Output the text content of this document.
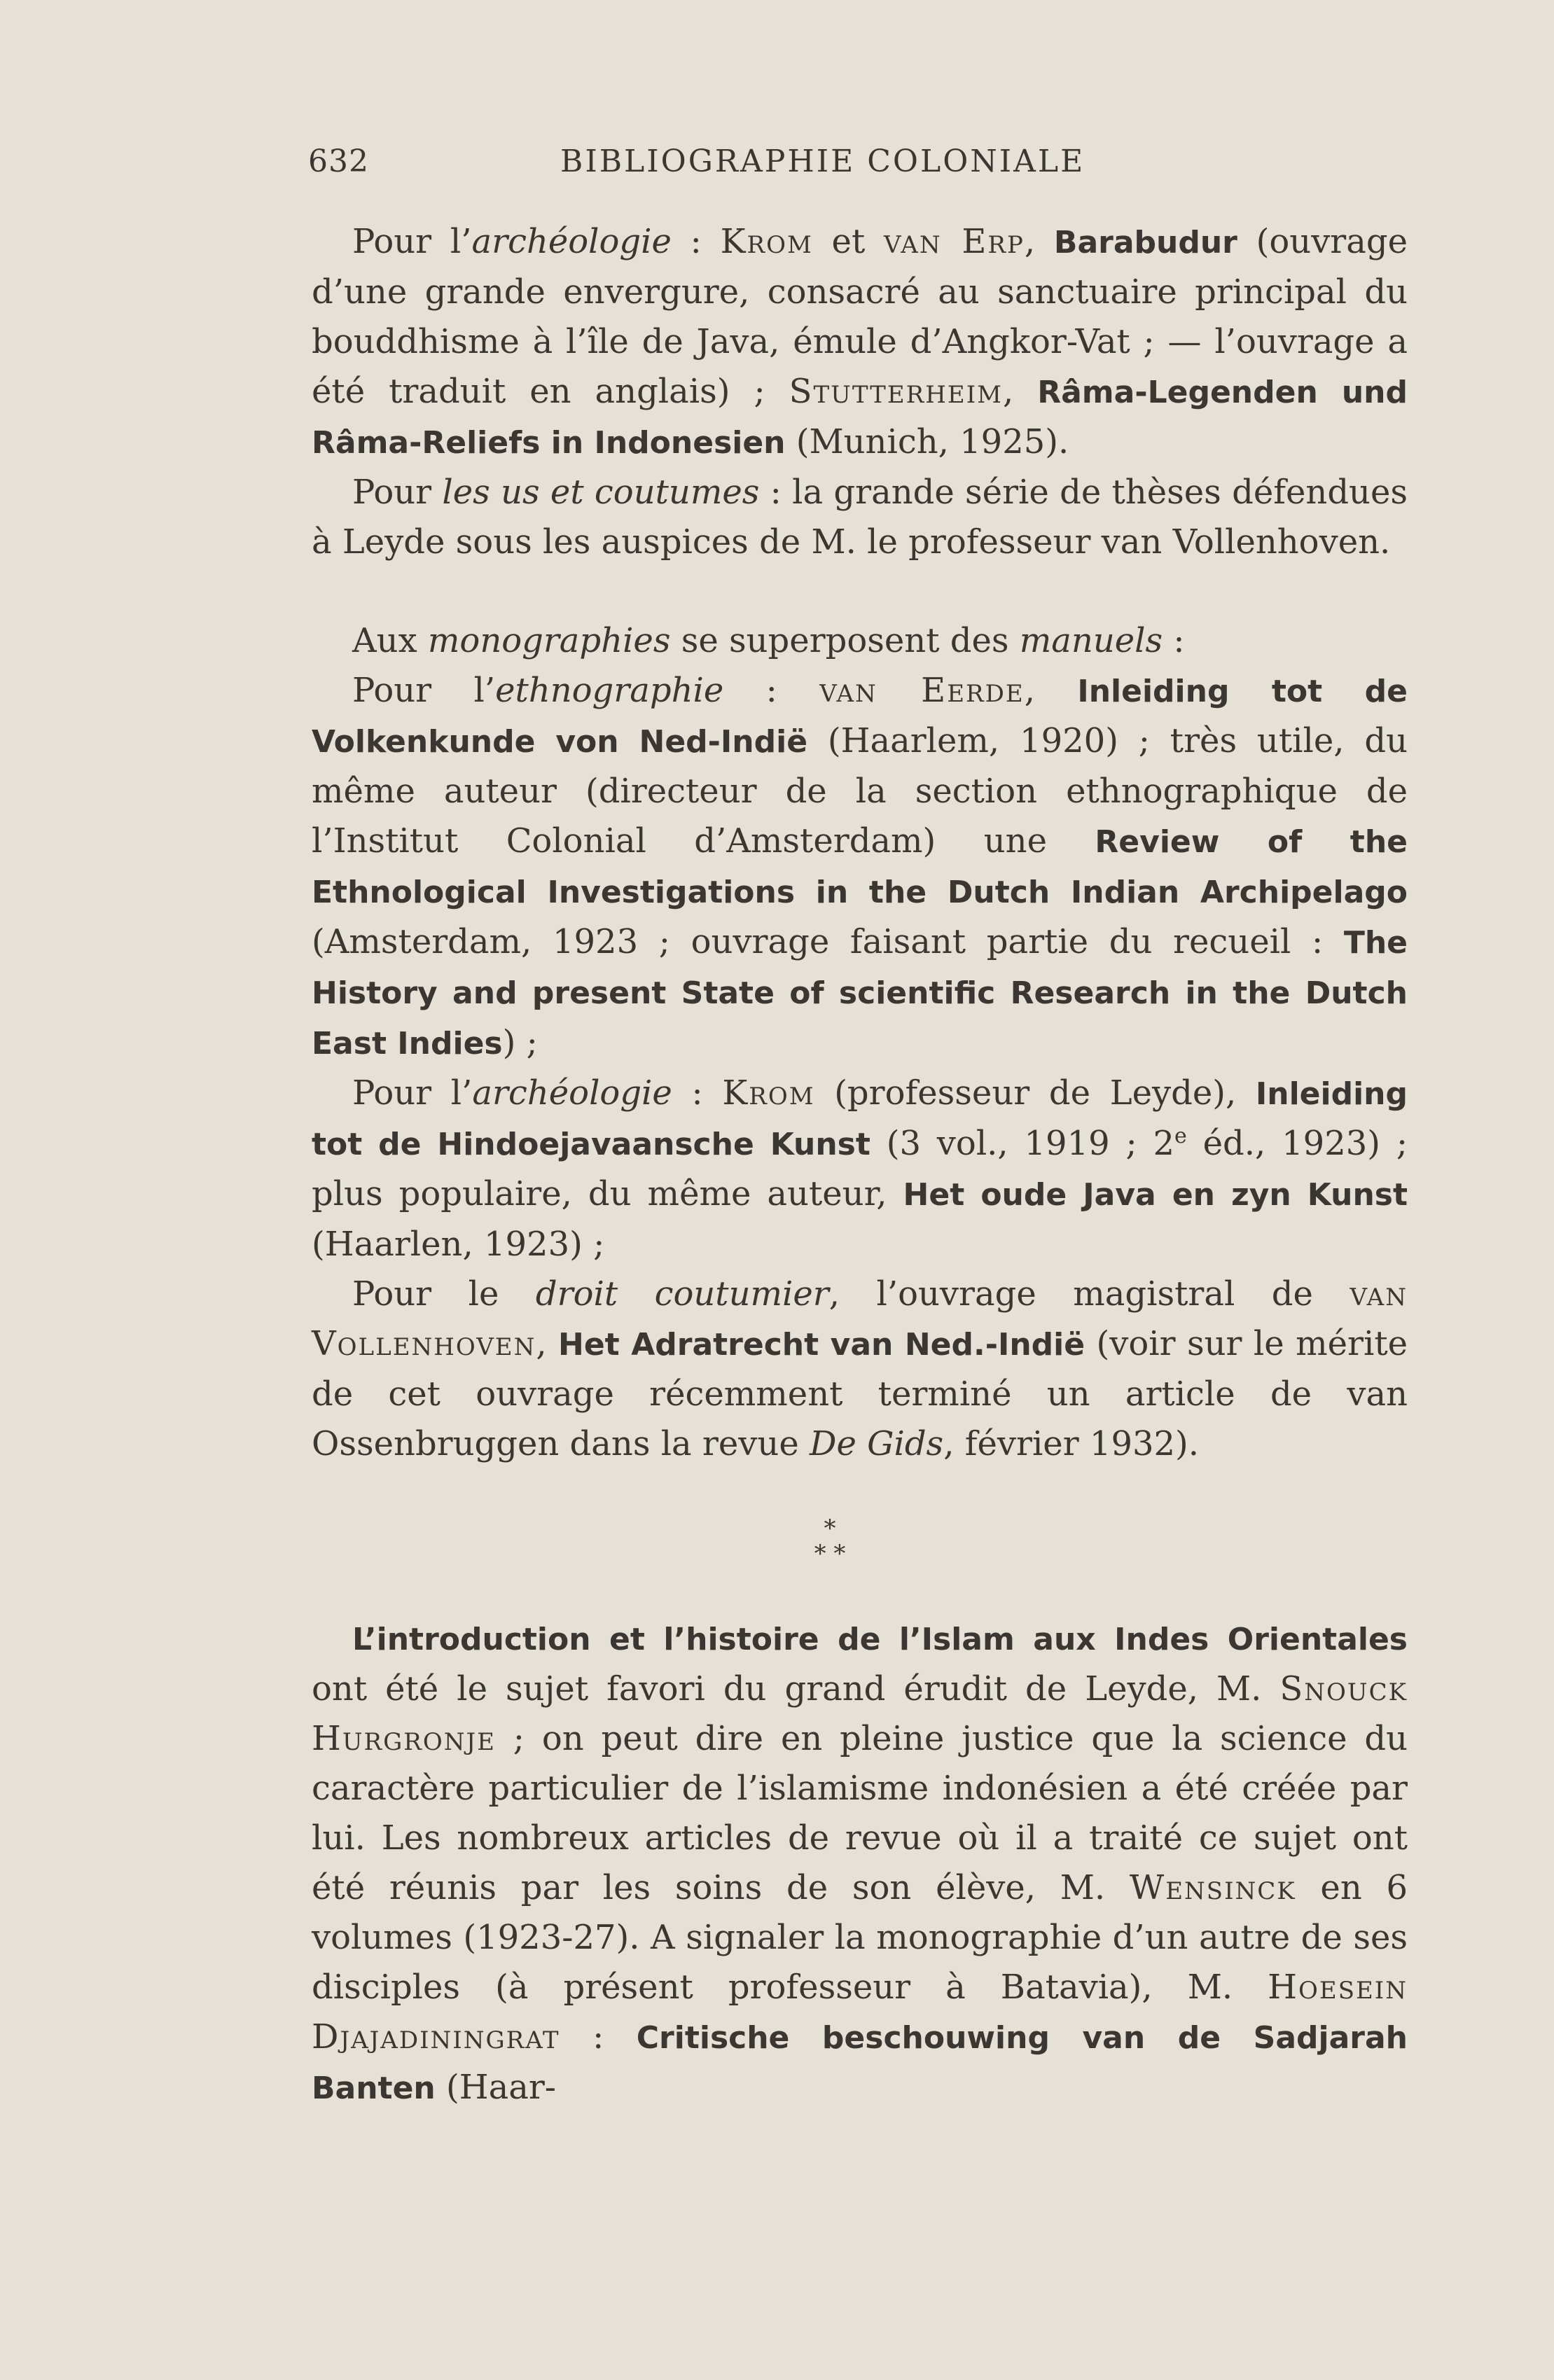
632	BIBLIOGRAPHIE COLONIALE

Pour l’archéologie : Krom et van Erp, Barabudur (ouvrage d’une grande envergure, consacré au sanctuaire principal du bouddhisme à l’île de Java, émule d’Angkor-Vat ; — l’ouvrage a été traduit en anglais) ; Stutterheim, Râma-Legenden und Râma-Reliefs in Indonesien (Munich, 1925).

Pour les us et coutumes : la grande série de thèses défendues à Leyde sous les auspices de M. le professeur van Vollenhoven.

Aux monographies se superposent des manuels :

Pour l’ethnographie : van Eerde, Inleiding tot de Volkenkunde von Ned-Indië (Haarlem, 1920) ; très utile, du même auteur (directeur de la section ethnographique de l’Institut Colonial d’Amsterdam) une Review of the Ethnological Investigations in the Dutch Indian Archipelago (Amsterdam, 1923 ; ouvrage faisant partie du recueil : The History and present State of scientific Research in the Dutch East Indies) ;

Pour l’archéologie : Krom (professeur de Leyde), Inleiding tot de Hindoejavaansche Kunst (3 vol., 1919 ; 2e éd., 1923) ; plus populaire, du même auteur, Het oude Java en zyn Kunst (Haarlen, 1923) ;

Pour le droit coutumier, l’ouvrage magistral de van Vollenhoven, Het Adratrecht van Ned.-Indië (voir sur le mérite de cet ouvrage récemment terminé un article de van Ossenbruggen dans la revue De Gids, février 1932).

*
* *

L’introduction et l’histoire de l’Islam aux Indes Orientales ont été le sujet favori du grand érudit de Leyde, M. Snouck Hurgronje ; on peut dire en pleine justice que la science du caractère particulier de l’islamisme indonésien a été créée par lui. Les nombreux articles de revue où il a traité ce sujet ont été réunis par les soins de son élève, M. Wensinck en 6 volumes (1923-27). A signaler la monographie d’un autre de ses disciples (à présent professeur à Batavia), M. Hoesein Djajadiningrat : Critische beschouwing van de Sadjarah Banten (Haar-
